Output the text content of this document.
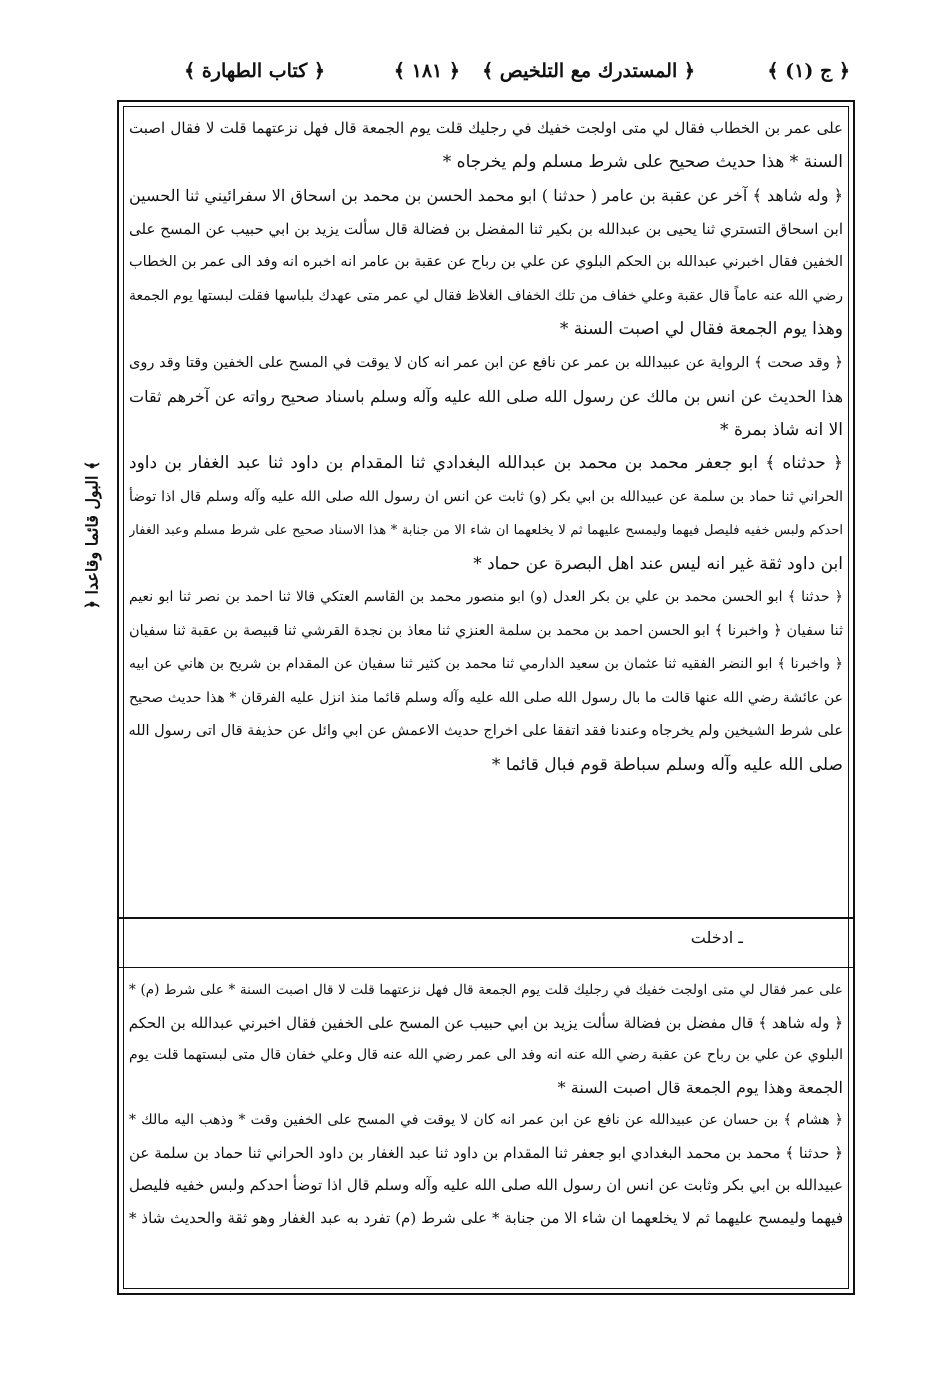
﴿ ج (١) ﴾
﴿ المستدرك مع التلخيص ﴾
﴿ ١٨١ ﴾
﴿ كتاب الطهارة ﴾
﴿ البول قائما وقاعدا ﴾
على عمر بن الخطاب فقال لي متى اولجت خفيك في رجليك قلت يوم الجمعة قال فهل نزعتهما قلت لا فقال اصبت
السنة * هذا حديث صحيح على شرط مسلم ولم يخرجاه *
﴿ وله شاهد ﴾ آخر عن عقبة بن عامر ( حدثنا ) ابو محمد الحسن بن محمد بن اسحاق الا سفرائيني ثنا الحسين
ابن اسحاق التستري ثنا يحيى بن عبدالله بن بكير ثنا المفضل بن فضالة قال سألت يزيد بن ابي حبيب عن المسح على
الخفين فقال اخبرني عبدالله بن الحكم البلوي عن علي بن رباح عن عقبة بن عامر انه اخبره انه وفد الى عمر بن الخطاب
رضي الله عنه عاماً قال عقبة وعلي خفاف من تلك الخفاف الغلاظ فقال لي عمر متى عهدك بلباسها فقلت لبستها يوم الجمعة
وهذا يوم الجمعة فقال لي اصبت السنة *
﴿ وقد صحت ﴾ الرواية عن عبيدالله بن عمر عن نافع عن ابن عمر انه كان لا يوقت في المسح على الخفين وقتا وقد روى
هذا الحديث عن انس بن مالك عن رسول الله صلى الله عليه وآله وسلم باسناد صحيح رواته عن آخرهم ثقات
الا انه شاذ بمرة *
﴿ حدثناه ﴾ ابو جعفر محمد بن محمد بن عبدالله البغدادي ثنا المقدام بن داود ثنا عبد الغفار بن داود
الحراني ثنا حماد بن سلمة عن عبيدالله بن ابي بكر (و) ثابت عن انس ان رسول الله صلى الله عليه وآله وسلم قال اذا توضأ
احدكم ولبس خفيه فليصل فيهما وليمسح عليهما ثم لا يخلعهما ان شاء الا من جنابة * هذا الاسناد صحيح على شرط مسلم وعبد الغفار
ابن داود ثقة غير انه ليس عند اهل البصرة عن حماد *
﴿ حدثنا ﴾ ابو الحسن محمد بن علي بن بكر العدل (و) ابو منصور محمد بن القاسم العتكي قالا ثنا احمد بن نصر ثنا ابو نعيم
ثنا سفيان ﴿ واخبرنا ﴾ ابو الحسن احمد بن محمد بن سلمة العنزي ثنا معاذ بن نجدة القرشي ثنا قبيصة بن عقبة ثنا سفيان
﴿ واخبرنا ﴾ ابو النضر الفقيه ثنا عثمان بن سعيد الدارمي ثنا محمد بن كثير ثنا سفيان عن المقدام بن شريح بن هاني عن ابيه
عن عائشة رضي الله عنها قالت ما بال رسول الله صلى الله عليه وآله وسلم قائما منذ انزل عليه الفرقان * هذا حديث صحيح
على شرط الشيخين ولم يخرجاه وعندنا فقد اتفقا على اخراج حديث الاعمش عن ابي وائل عن حذيفة قال اتى رسول الله
صلى الله عليه وآله وسلم سباطة قوم فبال قائما *
ـ ادخلت
على عمر فقال لي متى اولجت خفيك في رجليك قلت يوم الجمعة قال فهل نزعتهما قلت لا قال اصبت السنة * على شرط (م) *
﴿ وله شاهد ﴾ قال مفضل بن فضالة سألت يزيد بن ابي حبيب عن المسح على الخفين فقال اخبرني عبدالله بن الحكم
البلوي عن علي بن رباح عن عقبة رضي الله عنه انه وفد الى عمر رضي الله عنه قال وعلي خفان قال متى لبستهما قلت يوم
الجمعة وهذا يوم الجمعة قال اصبت السنة *
﴿ هشام ﴾ بن حسان عن عبيدالله عن نافع عن ابن عمر انه كان لا يوقت في المسح على الخفين وقت * وذهب اليه مالك *
﴿ حدثنا ﴾ محمد بن محمد البغدادي ابو جعفر ثنا المقدام بن داود ثنا عبد الغفار بن داود الحراني ثنا حماد بن سلمة عن
عبيدالله بن ابي بكر وثابت عن انس ان رسول الله صلى الله عليه وآله وسلم قال اذا توضأ احدكم ولبس خفيه فليصل
فيهما وليمسح عليهما ثم لا يخلعهما ان شاء الا من جنابة * على شرط (م) تفرد به عبد الغفار وهو ثقة والحديث شاذ *
